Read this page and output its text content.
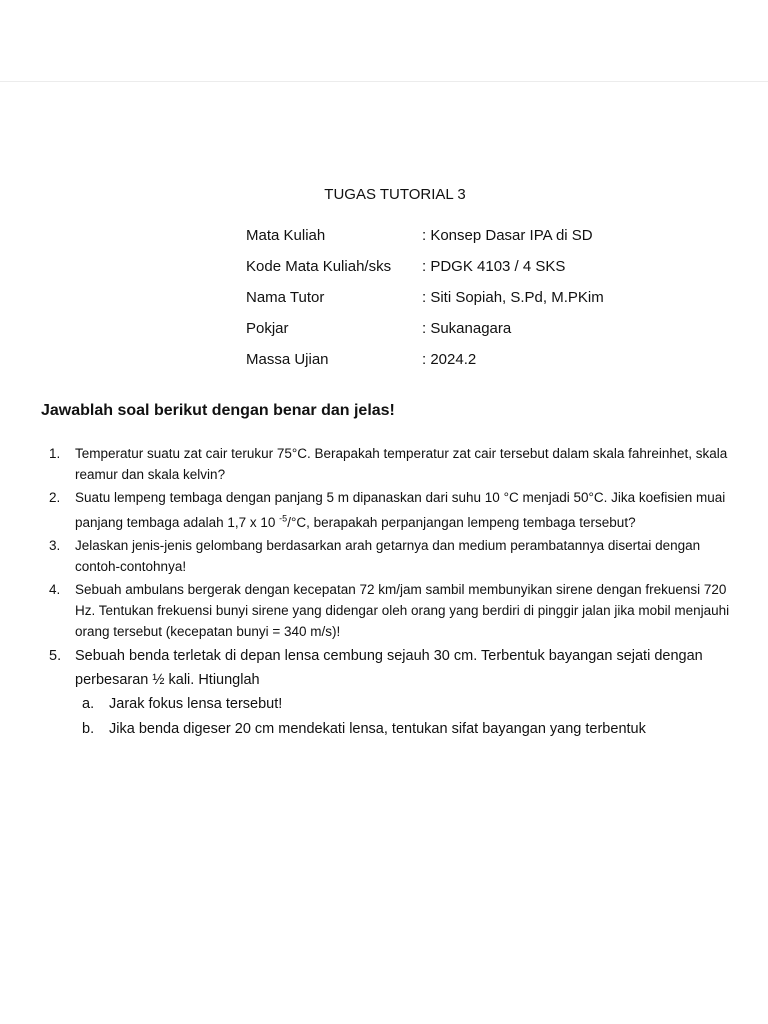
TUGAS TUTORIAL 3
Mata Kuliah	: Konsep Dasar IPA di SD
Kode Mata Kuliah/sks	: PDGK 4103 / 4 SKS
Nama Tutor	: Siti Sopiah, S.Pd, M.PKim
Pokjar	: Sukanagara
Massa Ujian	: 2024.2
Jawablah soal berikut dengan benar dan jelas!
1. Temperatur suatu zat cair terukur 75°C. Berapakah temperatur zat cair tersebut dalam skala fahreinhet, skala reamur dan skala kelvin?
2. Suatu lempeng tembaga dengan panjang 5 m dipanaskan dari suhu 10 °C menjadi 50°C. Jika koefisien muai panjang tembaga adalah 1,7 x 10 $^{-5}$/°C, berapakah perpanjangan lempeng tembaga tersebut?
3. Jelaskan jenis-jenis gelombang berdasarkan arah getarnya dan medium perambatannya disertai dengan contoh-contohnya!
4. Sebuah ambulans bergerak dengan kecepatan 72 km/jam sambil membunyikan sirene dengan frekuensi 720 Hz. Tentukan frekuensi bunyi sirene yang didengar oleh orang yang berdiri di pinggir jalan jika mobil menjauhi orang tersebut (kecepatan bunyi = 340 m/s)!
5. Sebuah benda terletak di depan lensa cembung sejauh 30 cm. Terbentuk bayangan sejati dengan perbesaran ½ kali. Htiunglah
a. Jarak fokus lensa tersebut!
b. Jika benda digeser 20 cm mendekati lensa, tentukan sifat bayangan yang terbentuk
